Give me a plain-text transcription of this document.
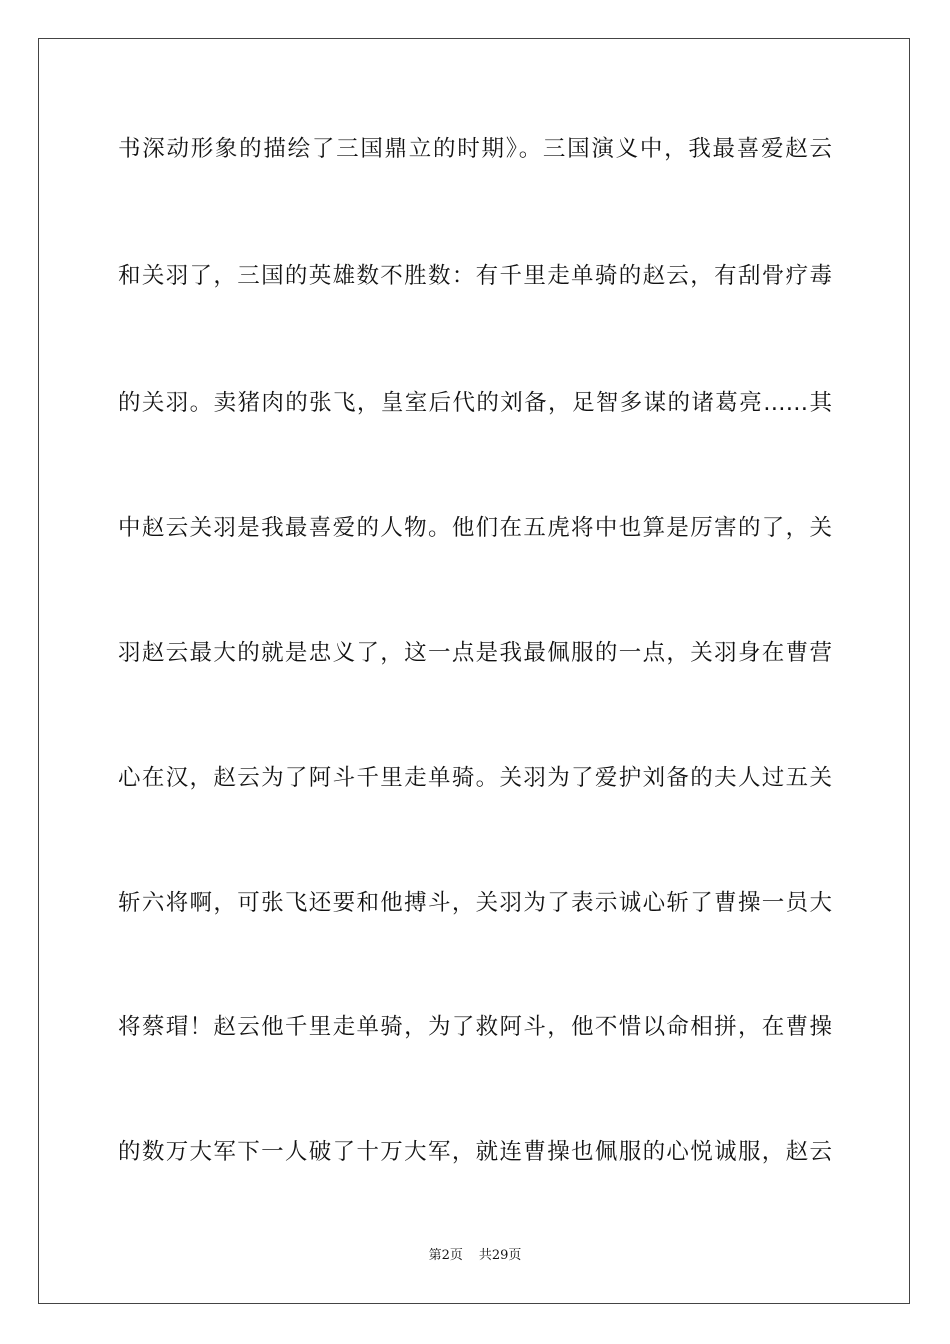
书深动形象的描绘了三国鼎立的时期》。三国演义中，我最喜爱赵云
和关羽了，三国的英雄数不胜数：有千里走单骑的赵云，有刮骨疗毒
的关羽。卖猪肉的张飞，皇室后代的刘备，足智多谋的诸葛亮……其
中赵云关羽是我最喜爱的人物。他们在五虎将中也算是厉害的了，关
羽赵云最大的就是忠义了，这一点是我最佩服的一点，关羽身在曹营
心在汉，赵云为了阿斗千里走单骑。关羽为了爱护刘备的夫人过五关
斩六将啊，可张飞还要和他搏斗，关羽为了表示诚心斩了曹操一员大
将蔡瑁！赵云他千里走单骑，为了救阿斗，他不惜以命相拼，在曹操
的数万大军下一人破了十万大军，就连曹操也佩服的心悦诚服，赵云
第2页 共29页
